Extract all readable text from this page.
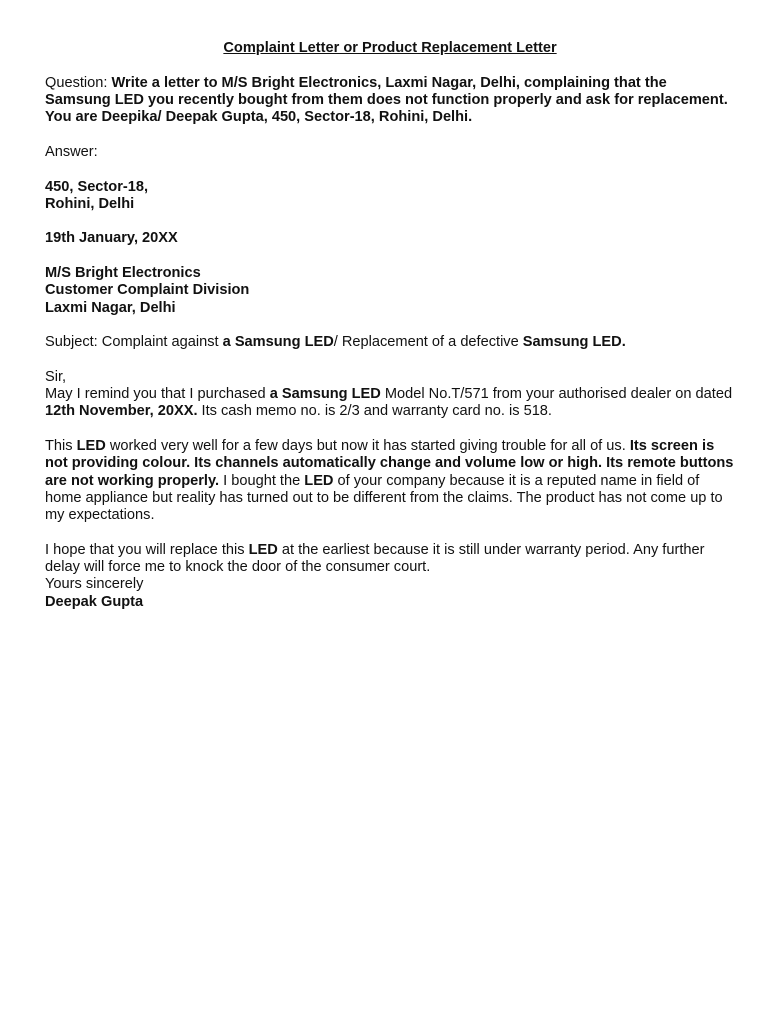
Complaint Letter or Product Replacement Letter

Question: Write a letter to M/S Bright Electronics, Laxmi Nagar, Delhi, complaining that the Samsung LED you recently bought from them does not function properly and ask for replacement. You are Deepika/ Deepak Gupta, 450, Sector-18, Rohini, Delhi.

Answer:

450, Sector-18,
Rohini, Delhi

19th January, 20XX

M/S Bright Electronics
Customer Complaint Division
Laxmi Nagar, Delhi

Subject: Complaint against a Samsung LED/ Replacement of a defective Samsung LED.

Sir,

May I remind you that I purchased a Samsung LED Model No.T/571 from your authorised dealer on dated 12th November, 20XX. Its cash memo no. is 2/3 and warranty card no. is 518.

This LED worked very well for a few days but now it has started giving trouble for all of us. Its screen is not providing colour. Its channels automatically change and volume low or high. Its remote buttons are not working properly. I bought the LED of your company because it is a reputed name in field of home appliance but reality has turned out to be different from the claims. The product has not come up to my expectations.

I hope that you will replace this LED at the earliest because it is still under warranty period. Any further delay will force me to knock the door of the consumer court.

Yours sincerely

Deepak Gupta
